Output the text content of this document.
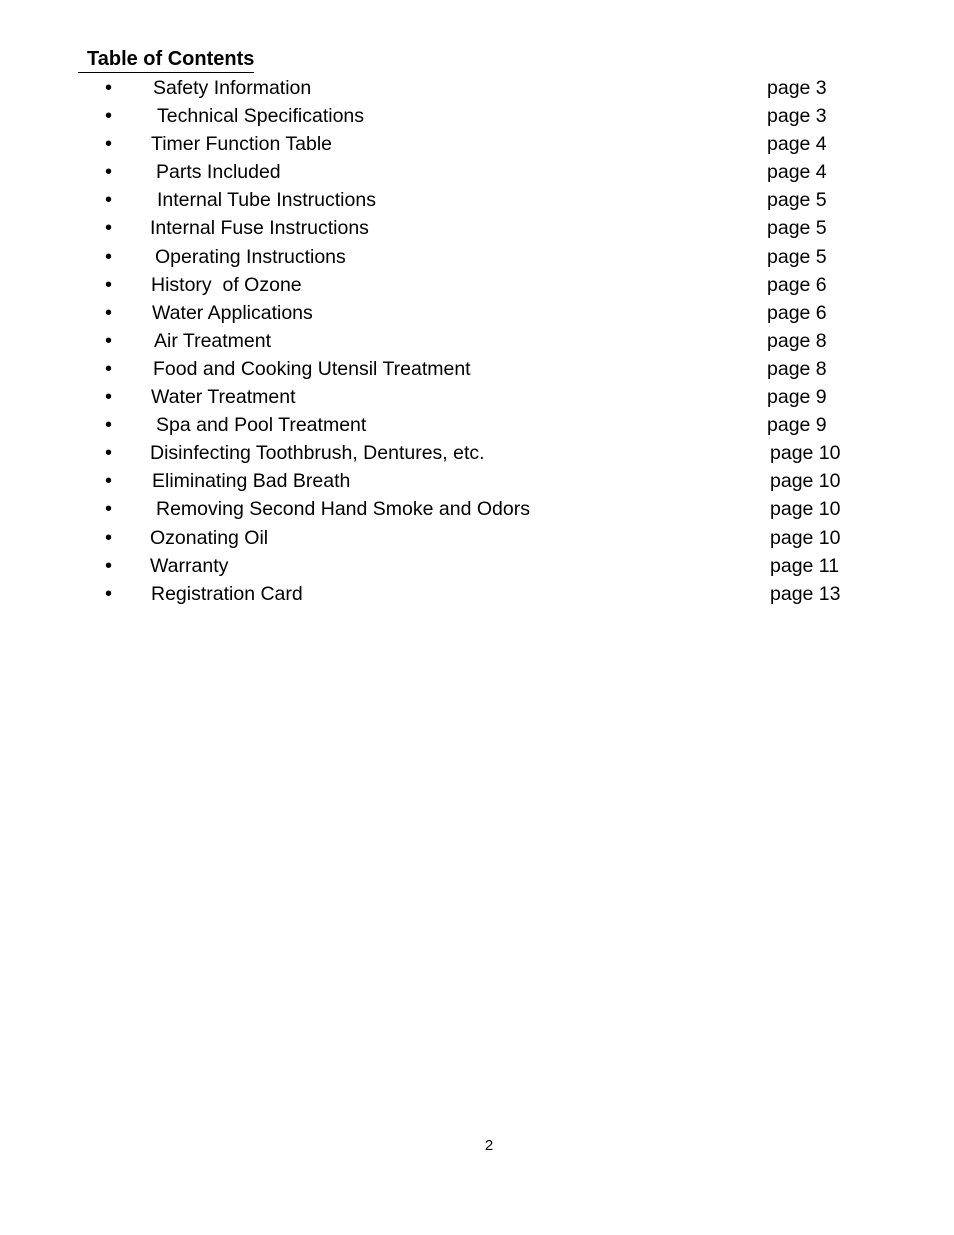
Table of Contents
• Safety Information	page 3
• Technical Specifications	page 3
• Timer Function Table	page 4
• Parts Included	page 4
• Internal Tube Instructions	page 5
• Internal Fuse Instructions	page 5
• Operating Instructions	page 5
• History  of Ozone	page 6
• Water Applications	page 6
• Air Treatment	page 8
• Food and Cooking Utensil Treatment	page 8
• Water Treatment	page 9
• Spa and Pool Treatment	page 9
• Disinfecting Toothbrush, Dentures, etc.	page 10
• Eliminating Bad Breath	page 10
• Removing Second Hand Smoke and Odors	page 10
• Ozonating Oil	page 10
• Warranty	page 11
• Registration Card	page 13
2
